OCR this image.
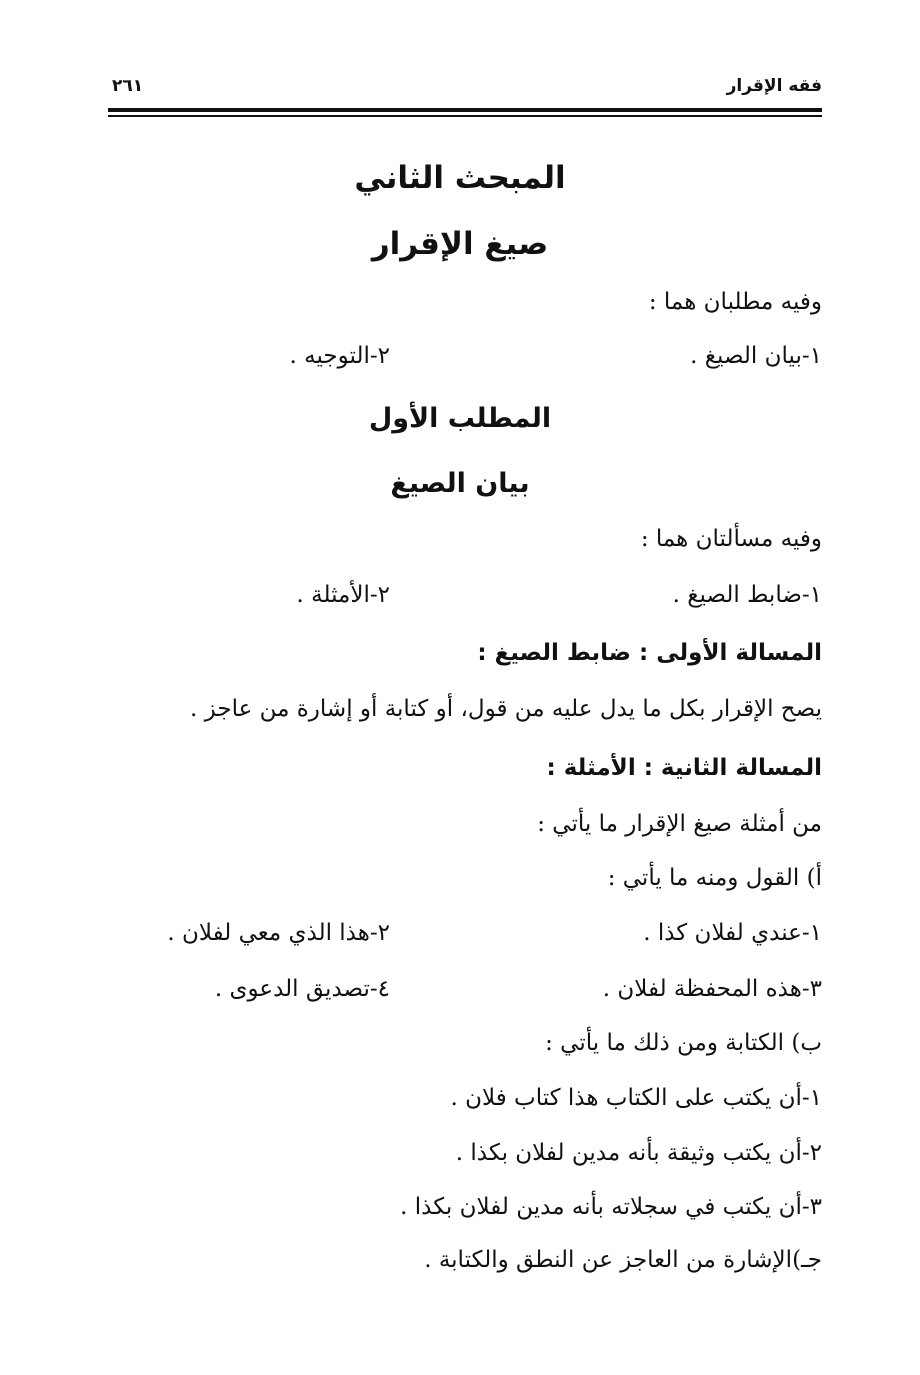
فقه الإقرار
٢٦١
المبحث الثاني
صيغ الإقرار
وفيه مطلبان هما :
١-بيان الصيغ .
٢-التوجيه .
المطلب الأول
بيان الصيغ
وفيه مسألتان هما :
١-ضابط الصيغ .
٢-الأمثلة .
المسالة الأولى : ضابط الصيغ :
يصح الإقرار بكل ما يدل عليه من قول، أو كتابة أو إشارة من عاجز .
المسالة الثانية : الأمثلة :
من أمثلة صيغ الإقرار ما يأتي :
أ) القول ومنه ما يأتي :
١-عندي لفلان كذا .
٢-هذا الذي معي لفلان .
٣-هذه المحفظة لفلان .
٤-تصديق الدعوى .
ب) الكتابة ومن ذلك ما يأتي :
١-أن يكتب على الكتاب هذا كتاب فلان .
٢-أن يكتب وثيقة بأنه مدين لفلان بكذا .
٣-أن يكتب في سجلاته بأنه مدين لفلان بكذا .
جـ)الإشارة من العاجز عن النطق والكتابة .
